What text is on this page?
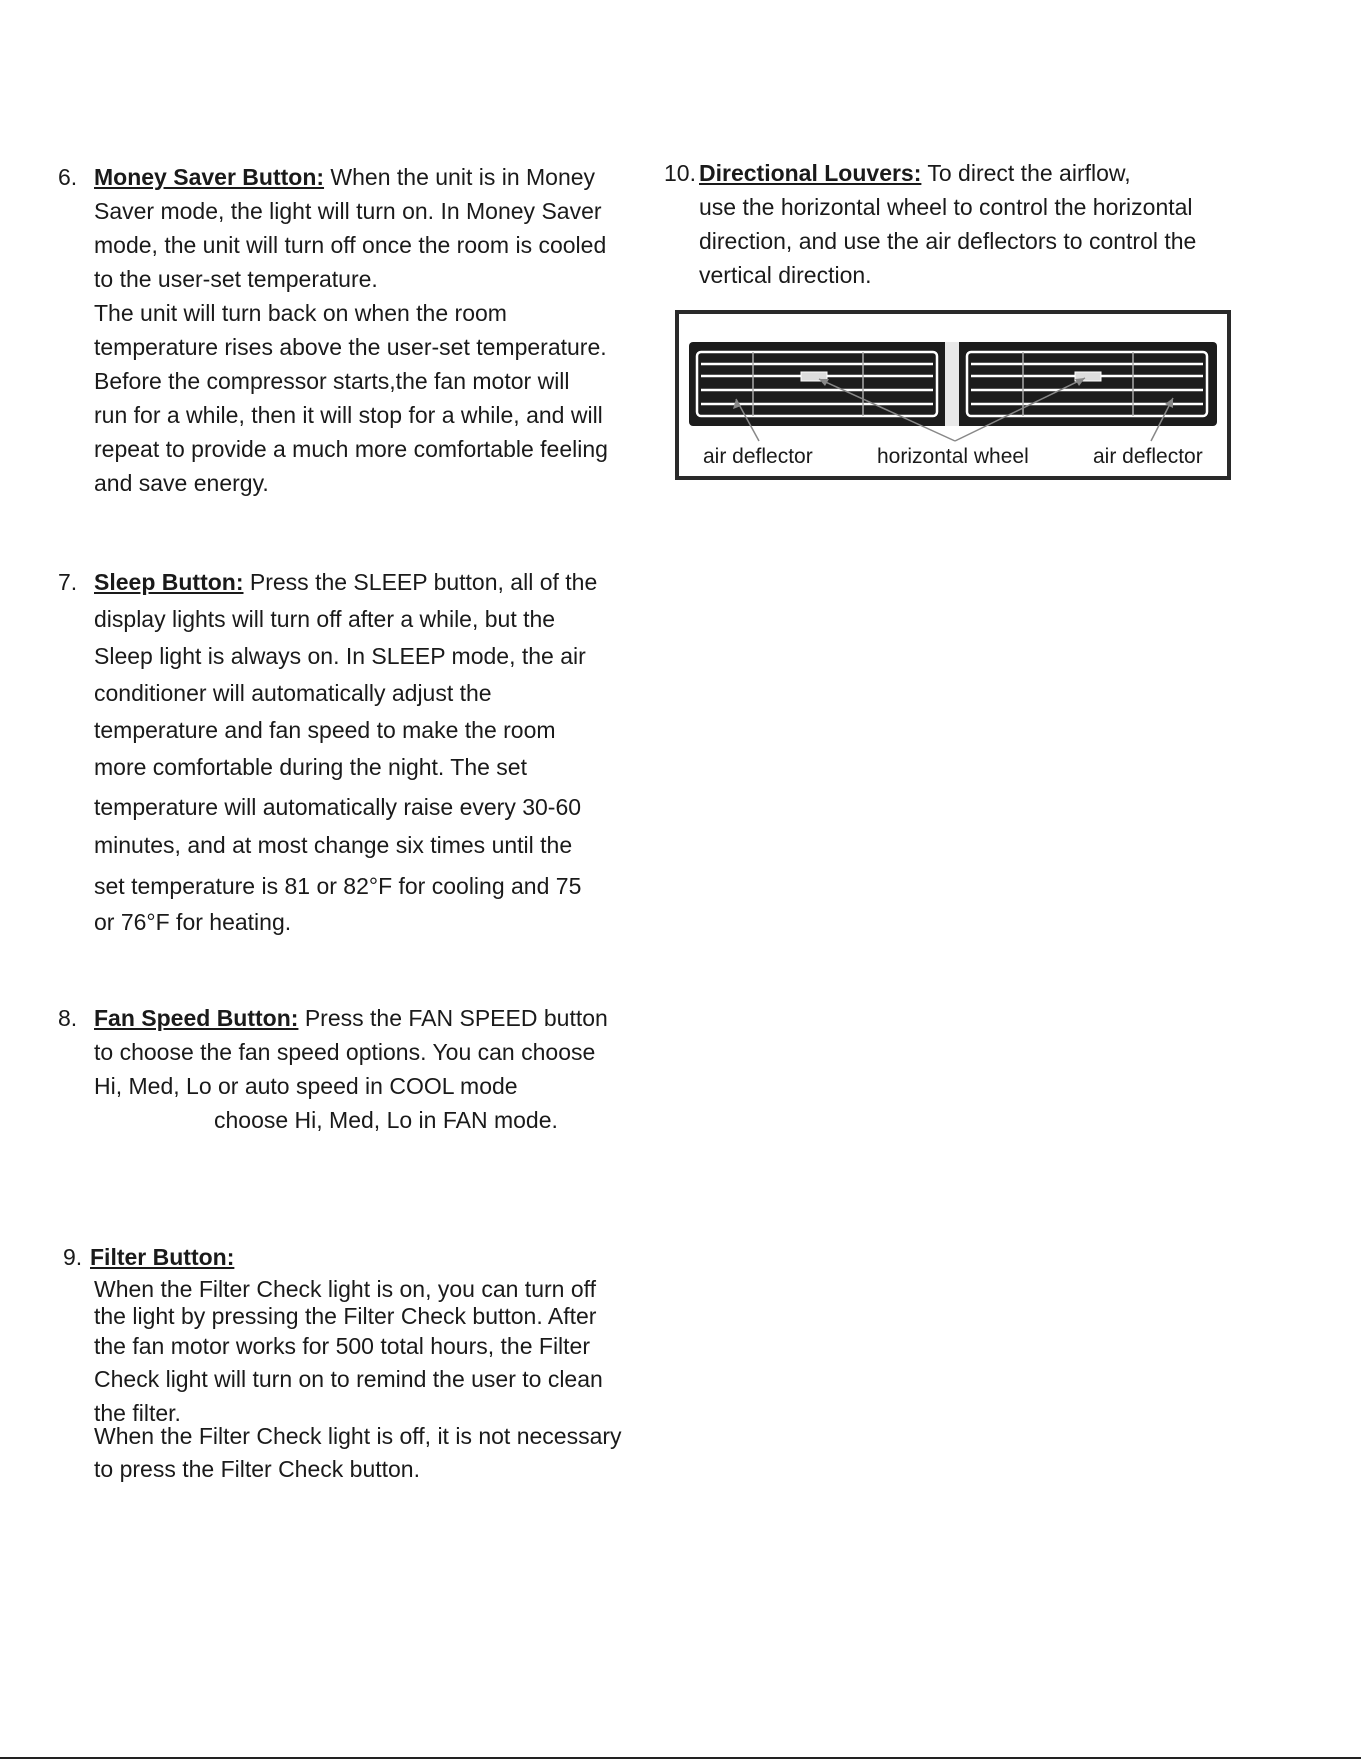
6. Money Saver Button: When the unit is in Money
Saver mode, the light will turn on. In Money Saver
mode, the unit will turn off once the room is cooled
to the user-set temperature.
The unit will turn back on when the room
temperature rises above the user-set temperature.
Before the compressor starts,the fan motor will
run for a while, then it will stop for a while, and will
repeat to provide a much more comfortable feeling
and save energy.
7. Sleep Button: Press the SLEEP button, all of the
display lights will turn off after a while, but the
Sleep light is always on. In SLEEP mode, the air
conditioner will automatically adjust the
temperature and fan speed to make the room
more comfortable during the night. The set
temperature will automatically raise every 30-60
minutes, and at most change six times until the
set temperature is 81 or 82°F for cooling and 75
or 76°F for heating.
8. Fan Speed Button: Press the FAN SPEED button
to choose the fan speed options. You can choose
Hi, Med, Lo or auto speed in COOL mode
choose Hi, Med, Lo in FAN mode.
9. Filter Button:
When the Filter Check light is on, you can turn off
the light by pressing the Filter Check button. After
the fan motor works for 500 total hours, the Filter
Check light will turn on to remind the user to clean
the filter.
When the Filter Check light is off, it is not necessary
to press the Filter Check button.
10. Directional Louvers: To direct the airflow,
use the horizontal wheel to control the horizontal
direction, and use the air deflectors to control the
vertical direction.
air deflector	horizontal wheel	air deflector
